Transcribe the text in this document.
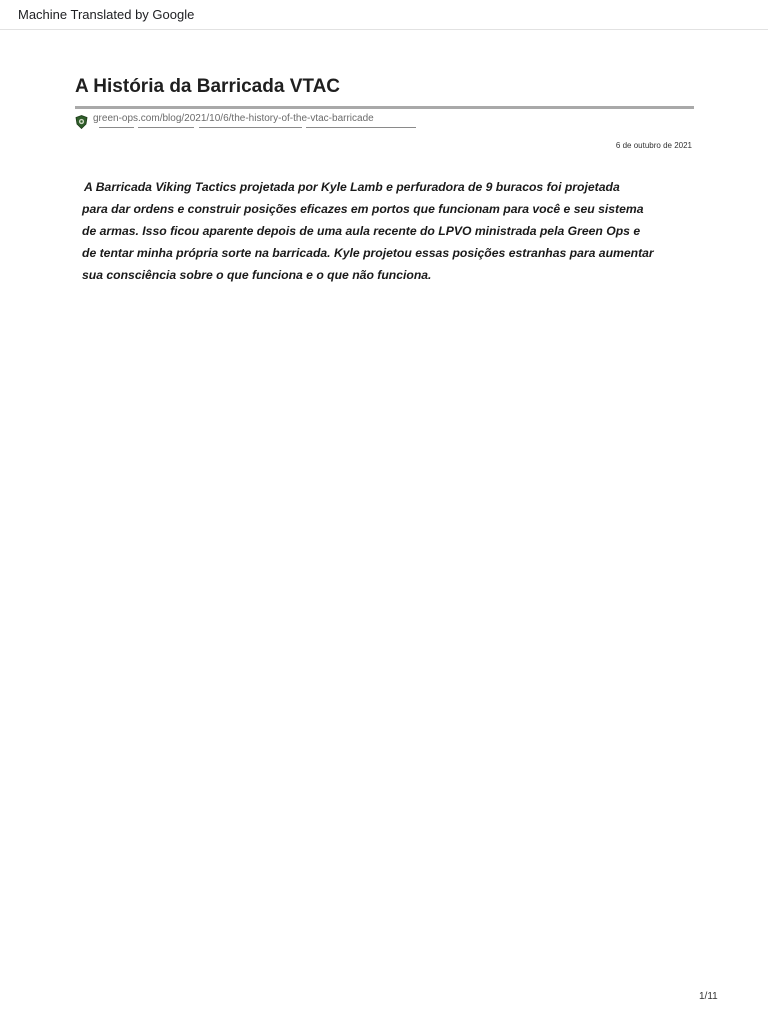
Machine Translated by Google
A História da Barricada VTAC
green-ops.com/blog/2021/10/6/the-history-of-the-vtac-barricade
6 de outubro de 2021
A Barricada Viking Tactics projetada por Kyle Lamb e perfuradora de 9 buracos foi projetada
para dar ordens e construir posições eficazes em portos que funcionam para você e seu sistema
de armas. Isso ficou aparente depois de uma aula recente do LPVO ministrada pela Green Ops e
de tentar minha própria sorte na barricada. Kyle projetou essas posições estranhas para aumentar
sua consciência sobre o que funciona e o que não funciona.
1/11
